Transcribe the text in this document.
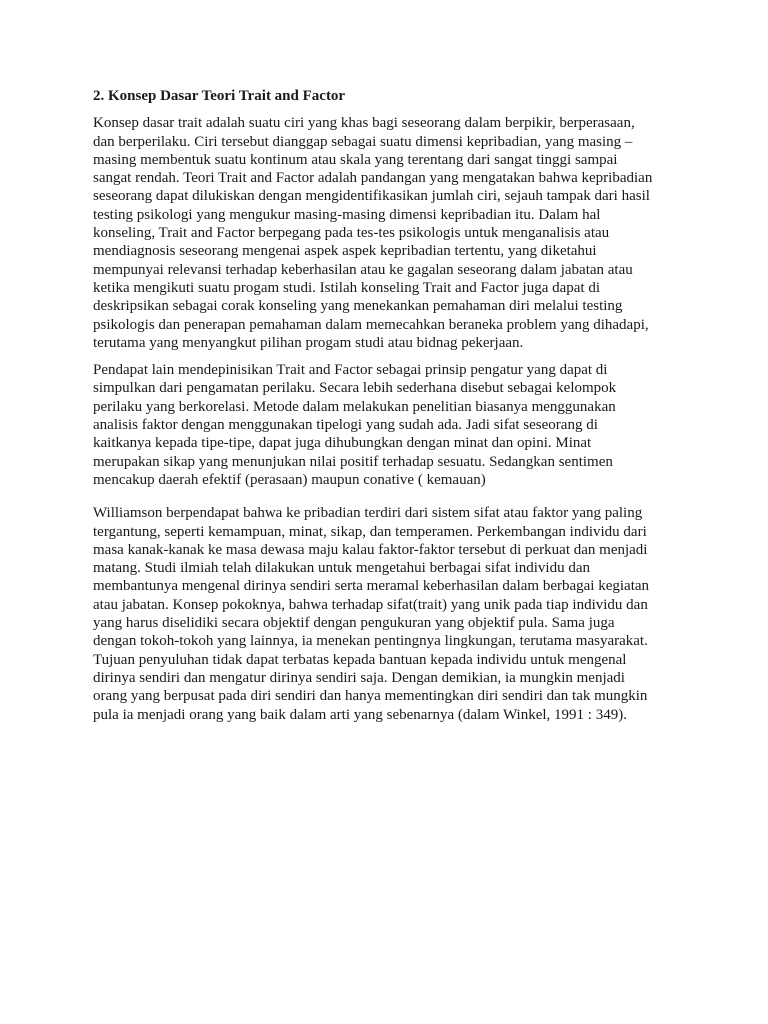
2. Konsep Dasar Teori Trait and Factor
Konsep dasar trait adalah suatu ciri yang khas bagi seseorang dalam berpikir, berperasaan,
dan berperilaku. Ciri tersebut dianggap sebagai suatu dimensi kepribadian, yang masing –
masing membentuk suatu kontinum atau skala yang terentang dari sangat tinggi sampai
sangat rendah. Teori Trait and Factor adalah pandangan yang mengatakan bahwa kepribadian
seseorang dapat dilukiskan dengan mengidentifikasikan jumlah ciri, sejauh tampak dari hasil
testing psikologi yang mengukur masing-masing dimensi kepribadian itu. Dalam hal
konseling, Trait and Factor berpegang pada tes-tes psikologis untuk menganalisis atau
mendiagnosis seseorang mengenai aspek aspek kepribadian tertentu, yang diketahui
mempunyai relevansi terhadap keberhasilan atau ke gagalan seseorang dalam jabatan atau
ketika mengikuti suatu progam studi. Istilah konseling Trait and Factor juga dapat di
deskripsikan sebagai corak konseling yang menekankan pemahaman diri melalui testing
psikologis dan penerapan pemahaman dalam memecahkan beraneka problem yang dihadapi,
terutama yang menyangkut pilihan progam studi atau bidnag pekerjaan.
Pendapat lain mendepinisikan Trait and Factor sebagai prinsip pengatur yang dapat di
simpulkan dari pengamatan perilaku. Secara lebih sederhana disebut sebagai kelompok
perilaku yang berkorelasi. Metode dalam melakukan penelitian biasanya menggunakan
analisis faktor dengan menggunakan tipelogi yang sudah ada. Jadi sifat seseorang di
kaitkanya kepada tipe-tipe, dapat juga dihubungkan dengan minat dan opini. Minat
merupakan sikap yang menunjukan nilai positif terhadap sesuatu. Sedangkan sentimen
mencakup daerah efektif (perasaan) maupun conative ( kemauan)
Williamson berpendapat bahwa ke pribadian terdiri dari sistem sifat atau faktor yang paling
tergantung, seperti kemampuan, minat, sikap, dan temperamen. Perkembangan individu dari
masa kanak-kanak ke masa dewasa maju kalau faktor-faktor tersebut di perkuat dan menjadi
matang. Studi ilmiah telah dilakukan untuk mengetahui berbagai sifat individu dan
membantunya mengenal dirinya sendiri serta meramal keberhasilan dalam berbagai kegiatan
atau jabatan. Konsep pokoknya, bahwa terhadap sifat(trait) yang unik pada tiap individu dan
yang harus diselidiki secara objektif dengan pengukuran yang objektif pula. Sama juga
dengan tokoh-tokoh yang lainnya, ia menekan pentingnya lingkungan, terutama masyarakat.
Tujuan penyuluhan tidak dapat terbatas kepada bantuan kepada individu untuk mengenal
dirinya sendiri dan mengatur dirinya sendiri saja. Dengan demikian, ia mungkin menjadi
orang yang berpusat pada diri sendiri dan hanya mementingkan diri sendiri dan tak mungkin
pula ia menjadi orang yang baik dalam arti yang sebenarnya (dalam Winkel, 1991 : 349).
